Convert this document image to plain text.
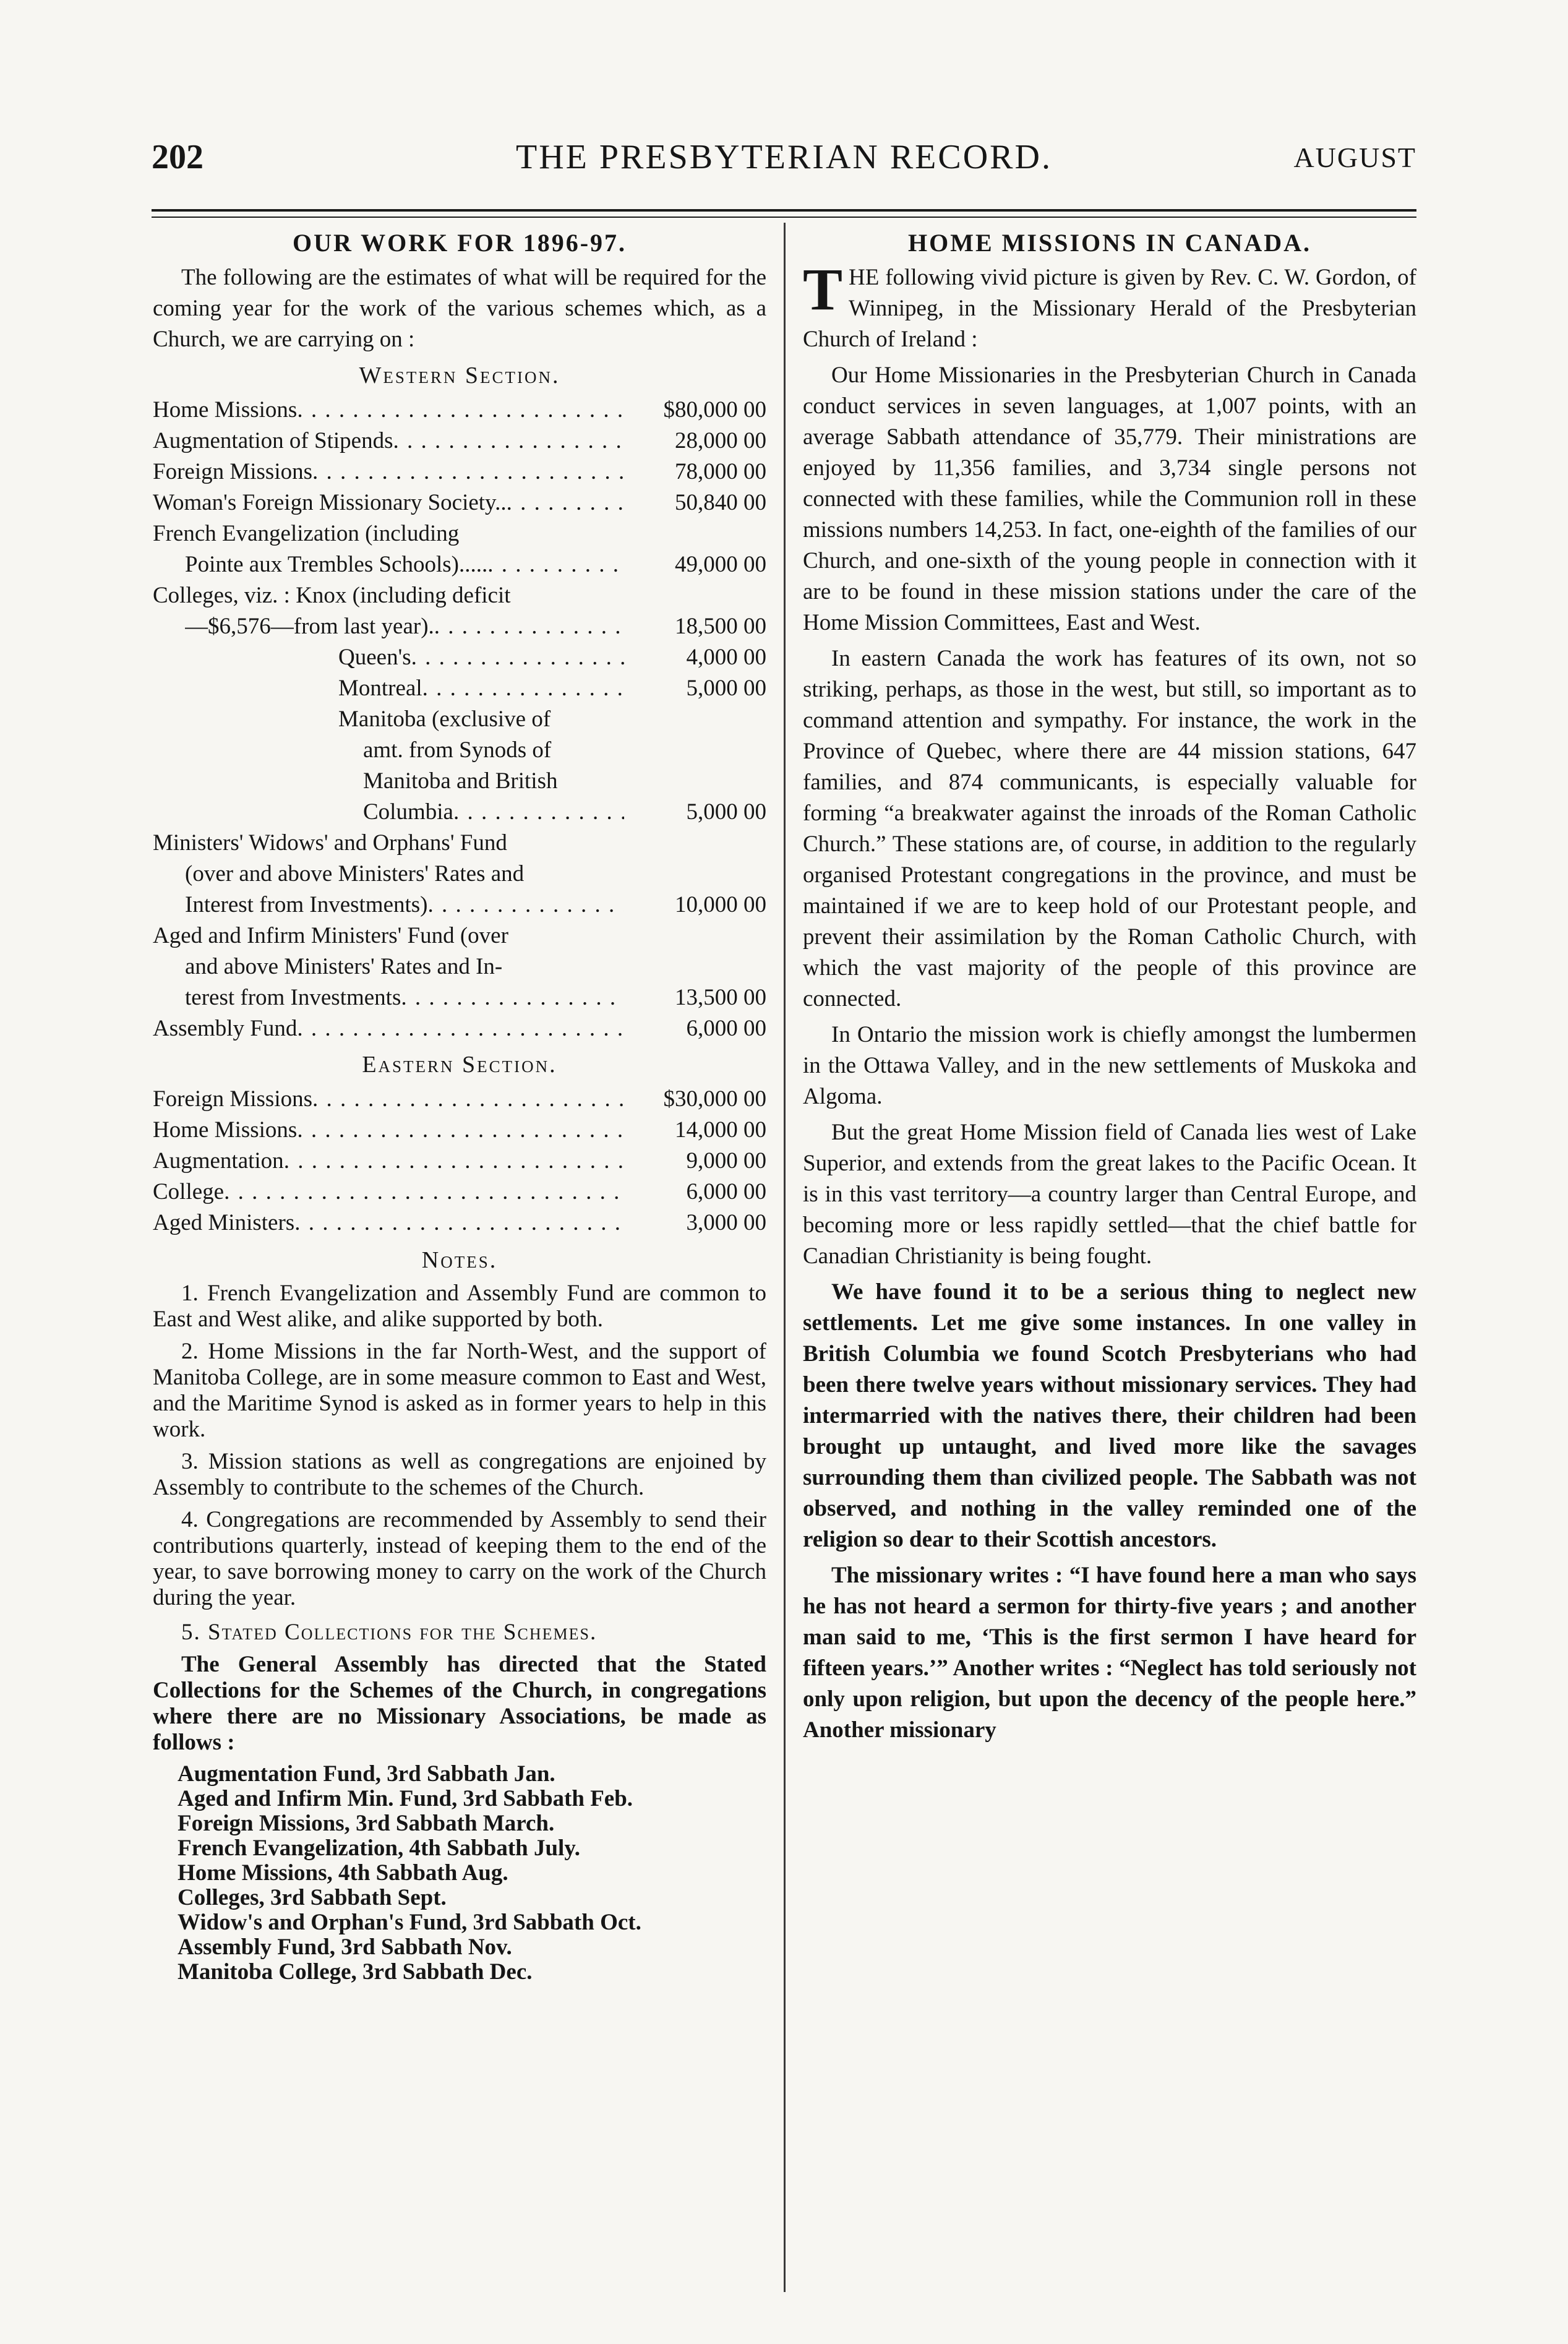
202	THE PRESBYTERIAN RECORD.	AUGUST
OUR WORK FOR 1896-97.

The following are the estimates of what will be required for the coming year for the work of the various schemes which, as a Church, we are carrying on :

Western Section.
Home Missions . . .	$80,000 00
Augmentation of Stipends . . .	28,000 00
Foreign Missions . . .	78,000 00
Woman's Foreign Missionary Society.. . . .	50,840 00
French Evangelization (including
Pointe aux Trembles Schools)..... . . .	49,000 00
Colleges, viz. : Knox (including deficit
—$6,576—from last year). . . .	18,500 00
Queen's . . .	4,000 00
Montreal . . .	5,000 00
Manitoba (exclusive of
amt. from Synods of
Manitoba and British
Columbia . . .	5,000 00
Ministers' Widows' and Orphans' Fund
(over and above Ministers' Rates and
Interest from Investments) . . .	10,000 00
Aged and Infirm Ministers' Fund (over
and above Ministers' Rates and In-
terest from Investments . . .	13,500 00
Assembly Fund . . .	6,000 00
Eastern Section.
Foreign Missions . . .	$30,000 00
Home Missions . . .	14,000 00
Augmentation . . .	9,000 00
College . . .	6,000 00
Aged Ministers . . .	3,000 00
Notes.

1. French Evangelization and Assembly Fund are common to East and West alike, and alike supported by both.

2. Home Missions in the far North-West, and the support of Manitoba College, are in some measure common to East and West, and the Maritime Synod is asked as in former years to help in this work.

3. Mission stations as well as congregations are enjoined by Assembly to contribute to the schemes of the Church.

4. Congregations are recommended by Assembly to send their contributions quarterly, instead of keeping them to the end of the year, to save borrowing money to carry on the work of the Church during the year.

5. Stated Collections for the Schemes.

The General Assembly has directed that the Stated Collections for the Schemes of the Church, in congregations where there are no Missionary Associations, be made as follows :

Augmentation Fund, 3rd Sabbath Jan.
Aged and Infirm Min. Fund, 3rd Sabbath Feb.
Foreign Missions, 3rd Sabbath March.
French Evangelization, 4th Sabbath July.
Home Missions, 4th Sabbath Aug.
Colleges, 3rd Sabbath Sept.
Widow's and Orphan's Fund, 3rd Sabbath Oct.
Assembly Fund, 3rd Sabbath Nov.
Manitoba College, 3rd Sabbath Dec.
HOME MISSIONS IN CANADA.

THE following vivid picture is given by Rev. C. W. Gordon, of Winnipeg, in the Missionary Herald of the Presbyterian Church of Ireland :

Our Home Missionaries in the Presbyterian Church in Canada conduct services in seven languages, at 1,007 points, with an average Sabbath attendance of 35,779. Their ministrations are enjoyed by 11,356 families, and 3,734 single persons not connected with these families, while the Communion roll in these missions numbers 14,253. In fact, one-eighth of the families of our Church, and one-sixth of the young people in connection with it are to be found in these mission stations under the care of the Home Mission Committees, East and West.

In eastern Canada the work has features of its own, not so striking, perhaps, as those in the west, but still, so important as to command attention and sympathy. For instance, the work in the Province of Quebec, where there are 44 mission stations, 647 families, and 874 communicants, is especially valuable for forming “a breakwater against the inroads of the Roman Catholic Church.” These stations are, of course, in addition to the regularly organised Protestant congregations in the province, and must be maintained if we are to keep hold of our Protestant people, and prevent their assimilation by the Roman Catholic Church, with which the vast majority of the people of this province are connected.

In Ontario the mission work is chiefly amongst the lumbermen in the Ottawa Valley, and in the new settlements of Muskoka and Algoma.

But the great Home Mission field of Canada lies west of Lake Superior, and extends from the great lakes to the Pacific Ocean. It is in this vast territory—a country larger than Central Europe, and becoming more or less rapidly settled—that the chief battle for Canadian Christianity is being fought.

We have found it to be a serious thing to neglect new settlements. Let me give some instances. In one valley in British Columbia we found Scotch Presbyterians who had been there twelve years without missionary services. They had intermarried with the natives there, their children had been brought up untaught, and lived more like the savages surrounding them than civilized people. The Sabbath was not observed, and nothing in the valley reminded one of the religion so dear to their Scottish ancestors.

The missionary writes : “I have found here a man who says he has not heard a sermon for thirty-five years ; and another man said to me, ‘This is the first sermon I have heard for fifteen years.’” Another writes : “Neglect has told seriously not only upon religion, but upon the decency of the people here.” Another missionary
